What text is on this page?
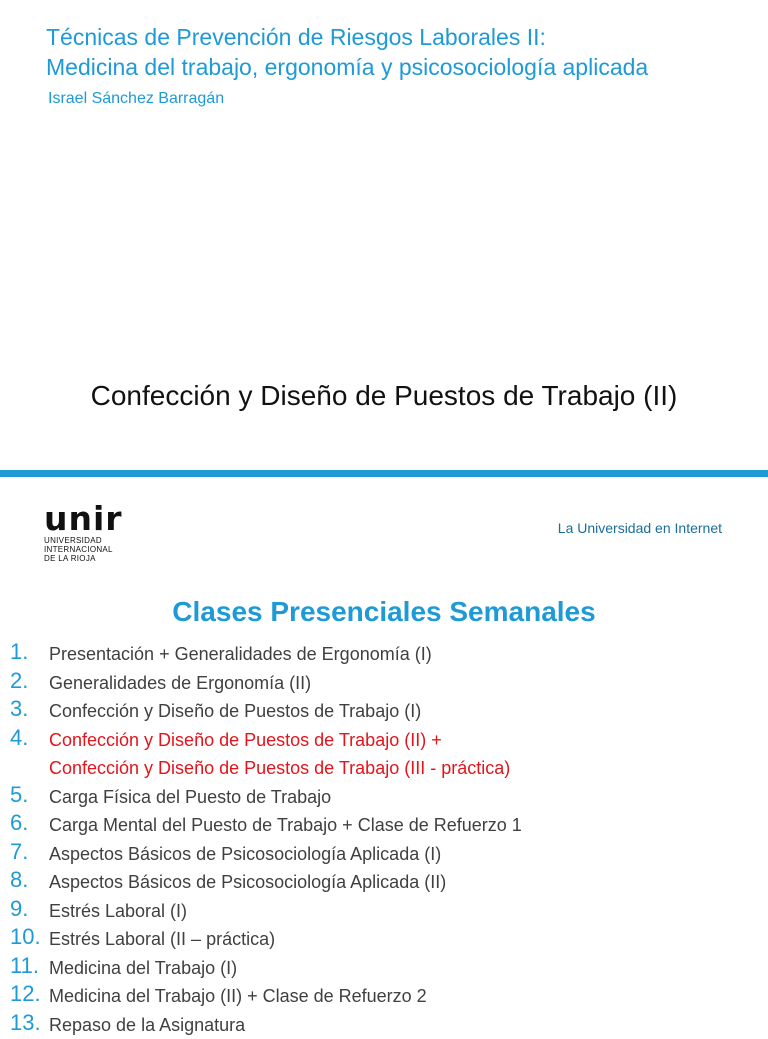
Técnicas de Prevención de Riesgos Laborales II:
Medicina del trabajo, ergonomía y psicosociología aplicada
Israel Sánchez Barragán
Confección y Diseño de Puestos de Trabajo (II)
unir
UNIVERSIDAD
INTERNACIONAL
DE LA RIOJA
La Universidad en Internet
Clases Presenciales Semanales
1. Presentación + Generalidades de Ergonomía (I)
2. Generalidades de Ergonomía (II)
3. Confección y Diseño de Puestos de Trabajo (I)
4. Confección y Diseño de Puestos de Trabajo (II) +
Confección y Diseño de Puestos de Trabajo (III - práctica)
5. Carga Física del Puesto de Trabajo
6. Carga Mental del Puesto de Trabajo + Clase de Refuerzo 1
7. Aspectos Básicos de Psicosociología Aplicada (I)
8. Aspectos Básicos de Psicosociología Aplicada (II)
9. Estrés Laboral (I)
10. Estrés Laboral (II – práctica)
11. Medicina del Trabajo (I)
12. Medicina del Trabajo (II) + Clase de Refuerzo 2
13. Repaso de la Asignatura
